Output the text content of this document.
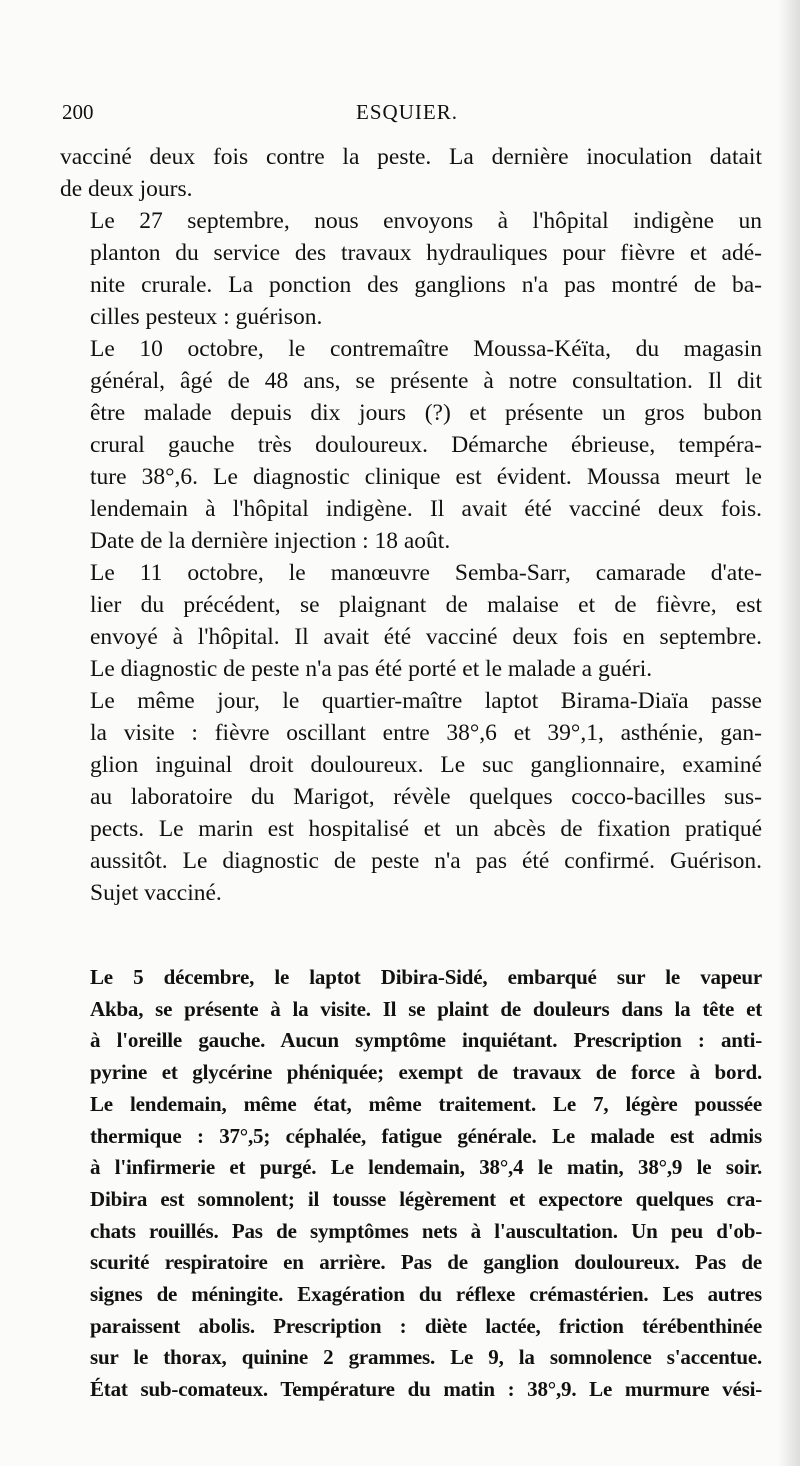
200	ESQUIER.

vacciné deux fois contre la peste. La dernière inoculation datait
de deux jours.

Le 27 septembre, nous envoyons à l'hôpital indigène un
planton du service des travaux hydrauliques pour fièvre et adé-
nite crurale. La ponction des ganglions n'a pas montré de ba-
cilles pesteux : guérison.

Le 10 octobre, le contremaître Moussa-Kéïta, du magasin
général, âgé de 48 ans, se présente à notre consultation. Il dit
être malade depuis dix jours (?) et présente un gros bubon
crural gauche très douloureux. Démarche ébrieuse, tempéra-
ture 38°,6. Le diagnostic clinique est évident. Moussa meurt le
lendemain à l'hôpital indigène. Il avait été vacciné deux fois.
Date de la dernière injection : 18 août.

Le 11 octobre, le manœuvre Semba-Sarr, camarade d'ate-
lier du précédent, se plaignant de malaise et de fièvre, est
envoyé à l'hôpital. Il avait été vacciné deux fois en septembre.
Le diagnostic de peste n'a pas été porté et le malade a guéri.

Le même jour, le quartier-maître laptot Birama-Diaïa passe
la visite : fièvre oscillant entre 38°,6 et 39°,1, asthénie, gan-
glion inguinal droit douloureux. Le suc ganglionnaire, examiné
au laboratoire du Marigot, révèle quelques cocco-bacilles sus-
pects. Le marin est hospitalisé et un abcès de fixation pratiqué
aussitôt. Le diagnostic de peste n'a pas été confirmé. Guérison.
Sujet vacciné.

Le 5 décembre, le laptot Dibira-Sidé, embarqué sur le vapeur
Akba, se présente à la visite. Il se plaint de douleurs dans la tête et
à l'oreille gauche. Aucun symptôme inquiétant. Prescription : anti-
pyrine et glycérine phéniquée; exempt de travaux de force à bord.
Le lendemain, même état, même traitement. Le 7, légère poussée
thermique : 37°,5; céphalée, fatigue générale. Le malade est admis
à l'infirmerie et purgé. Le lendemain, 38°,4 le matin, 38°,9 le soir.
Dibira est somnolent; il tousse légèrement et expectore quelques cra-
chats rouillés. Pas de symptômes nets à l'auscultation. Un peu d'ob-
scurité respiratoire en arrière. Pas de ganglion douloureux. Pas de
signes de méningite. Exagération du réflexe crémastérien. Les autres
paraissent abolis. Prescription : diète lactée, friction térébenthinée
sur le thorax, quinine 2 grammes. Le 9, la somnolence s'accentue.
État sub-comateux. Température du matin : 38°,9. Le murmure vési-
